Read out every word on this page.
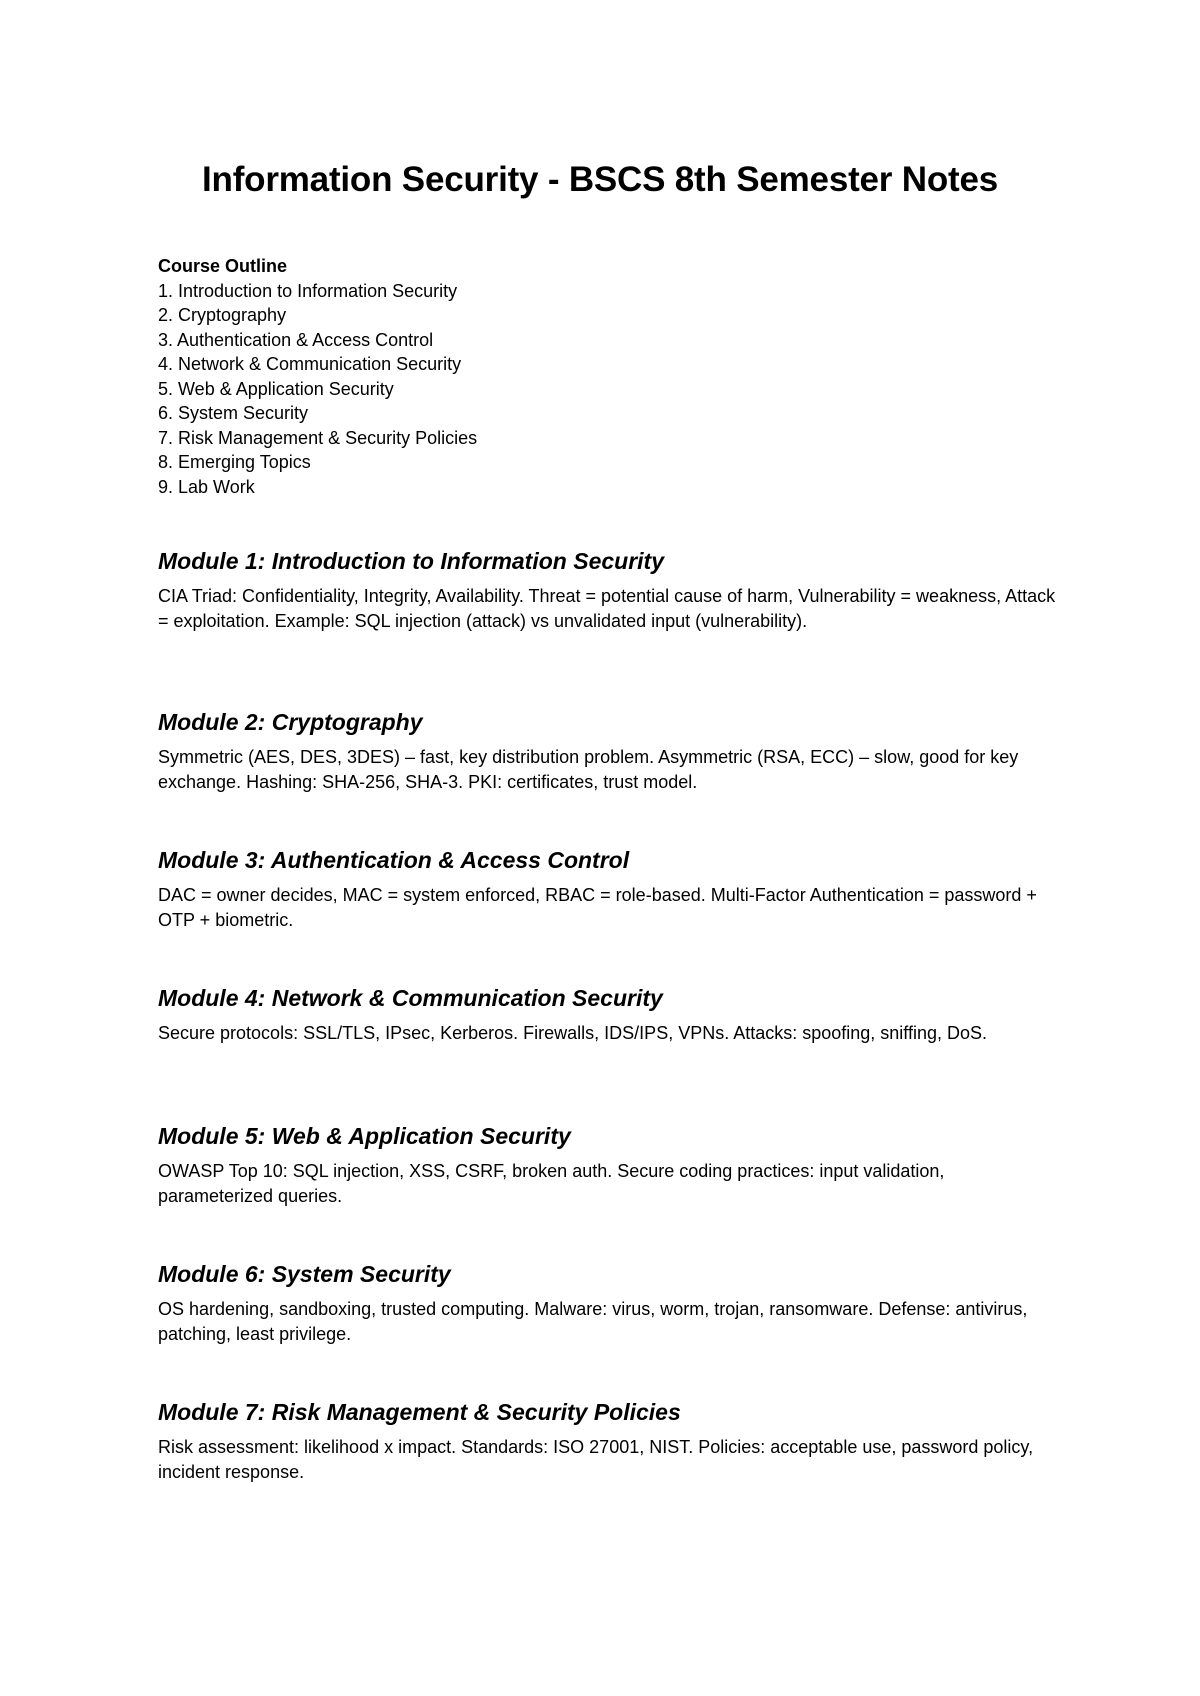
Information Security - BSCS 8th Semester Notes
Course Outline
1. Introduction to Information Security
2. Cryptography
3. Authentication & Access Control
4. Network & Communication Security
5. Web & Application Security
6. System Security
7. Risk Management & Security Policies
8. Emerging Topics
9. Lab Work
Module 1: Introduction to Information Security

CIA Triad: Confidentiality, Integrity, Availability. Threat = potential cause of harm, Vulnerability = weakness, Attack = exploitation. Example: SQL injection (attack) vs unvalidated input (vulnerability).

Module 2: Cryptography

Symmetric (AES, DES, 3DES) – fast, key distribution problem. Asymmetric (RSA, ECC) – slow, good for key exchange. Hashing: SHA-256, SHA-3. PKI: certificates, trust model.

Module 3: Authentication & Access Control

DAC = owner decides, MAC = system enforced, RBAC = role-based. Multi-Factor Authentication = password + OTP + biometric.

Module 4: Network & Communication Security

Secure protocols: SSL/TLS, IPsec, Kerberos. Firewalls, IDS/IPS, VPNs. Attacks: spoofing, sniffing, DoS.

Module 5: Web & Application Security

OWASP Top 10: SQL injection, XSS, CSRF, broken auth. Secure coding practices: input validation, parameterized queries.

Module 6: System Security

OS hardening, sandboxing, trusted computing. Malware: virus, worm, trojan, ransomware. Defense: antivirus, patching, least privilege.

Module 7: Risk Management & Security Policies

Risk assessment: likelihood x impact. Standards: ISO 27001, NIST. Policies: acceptable use, password policy, incident response.
